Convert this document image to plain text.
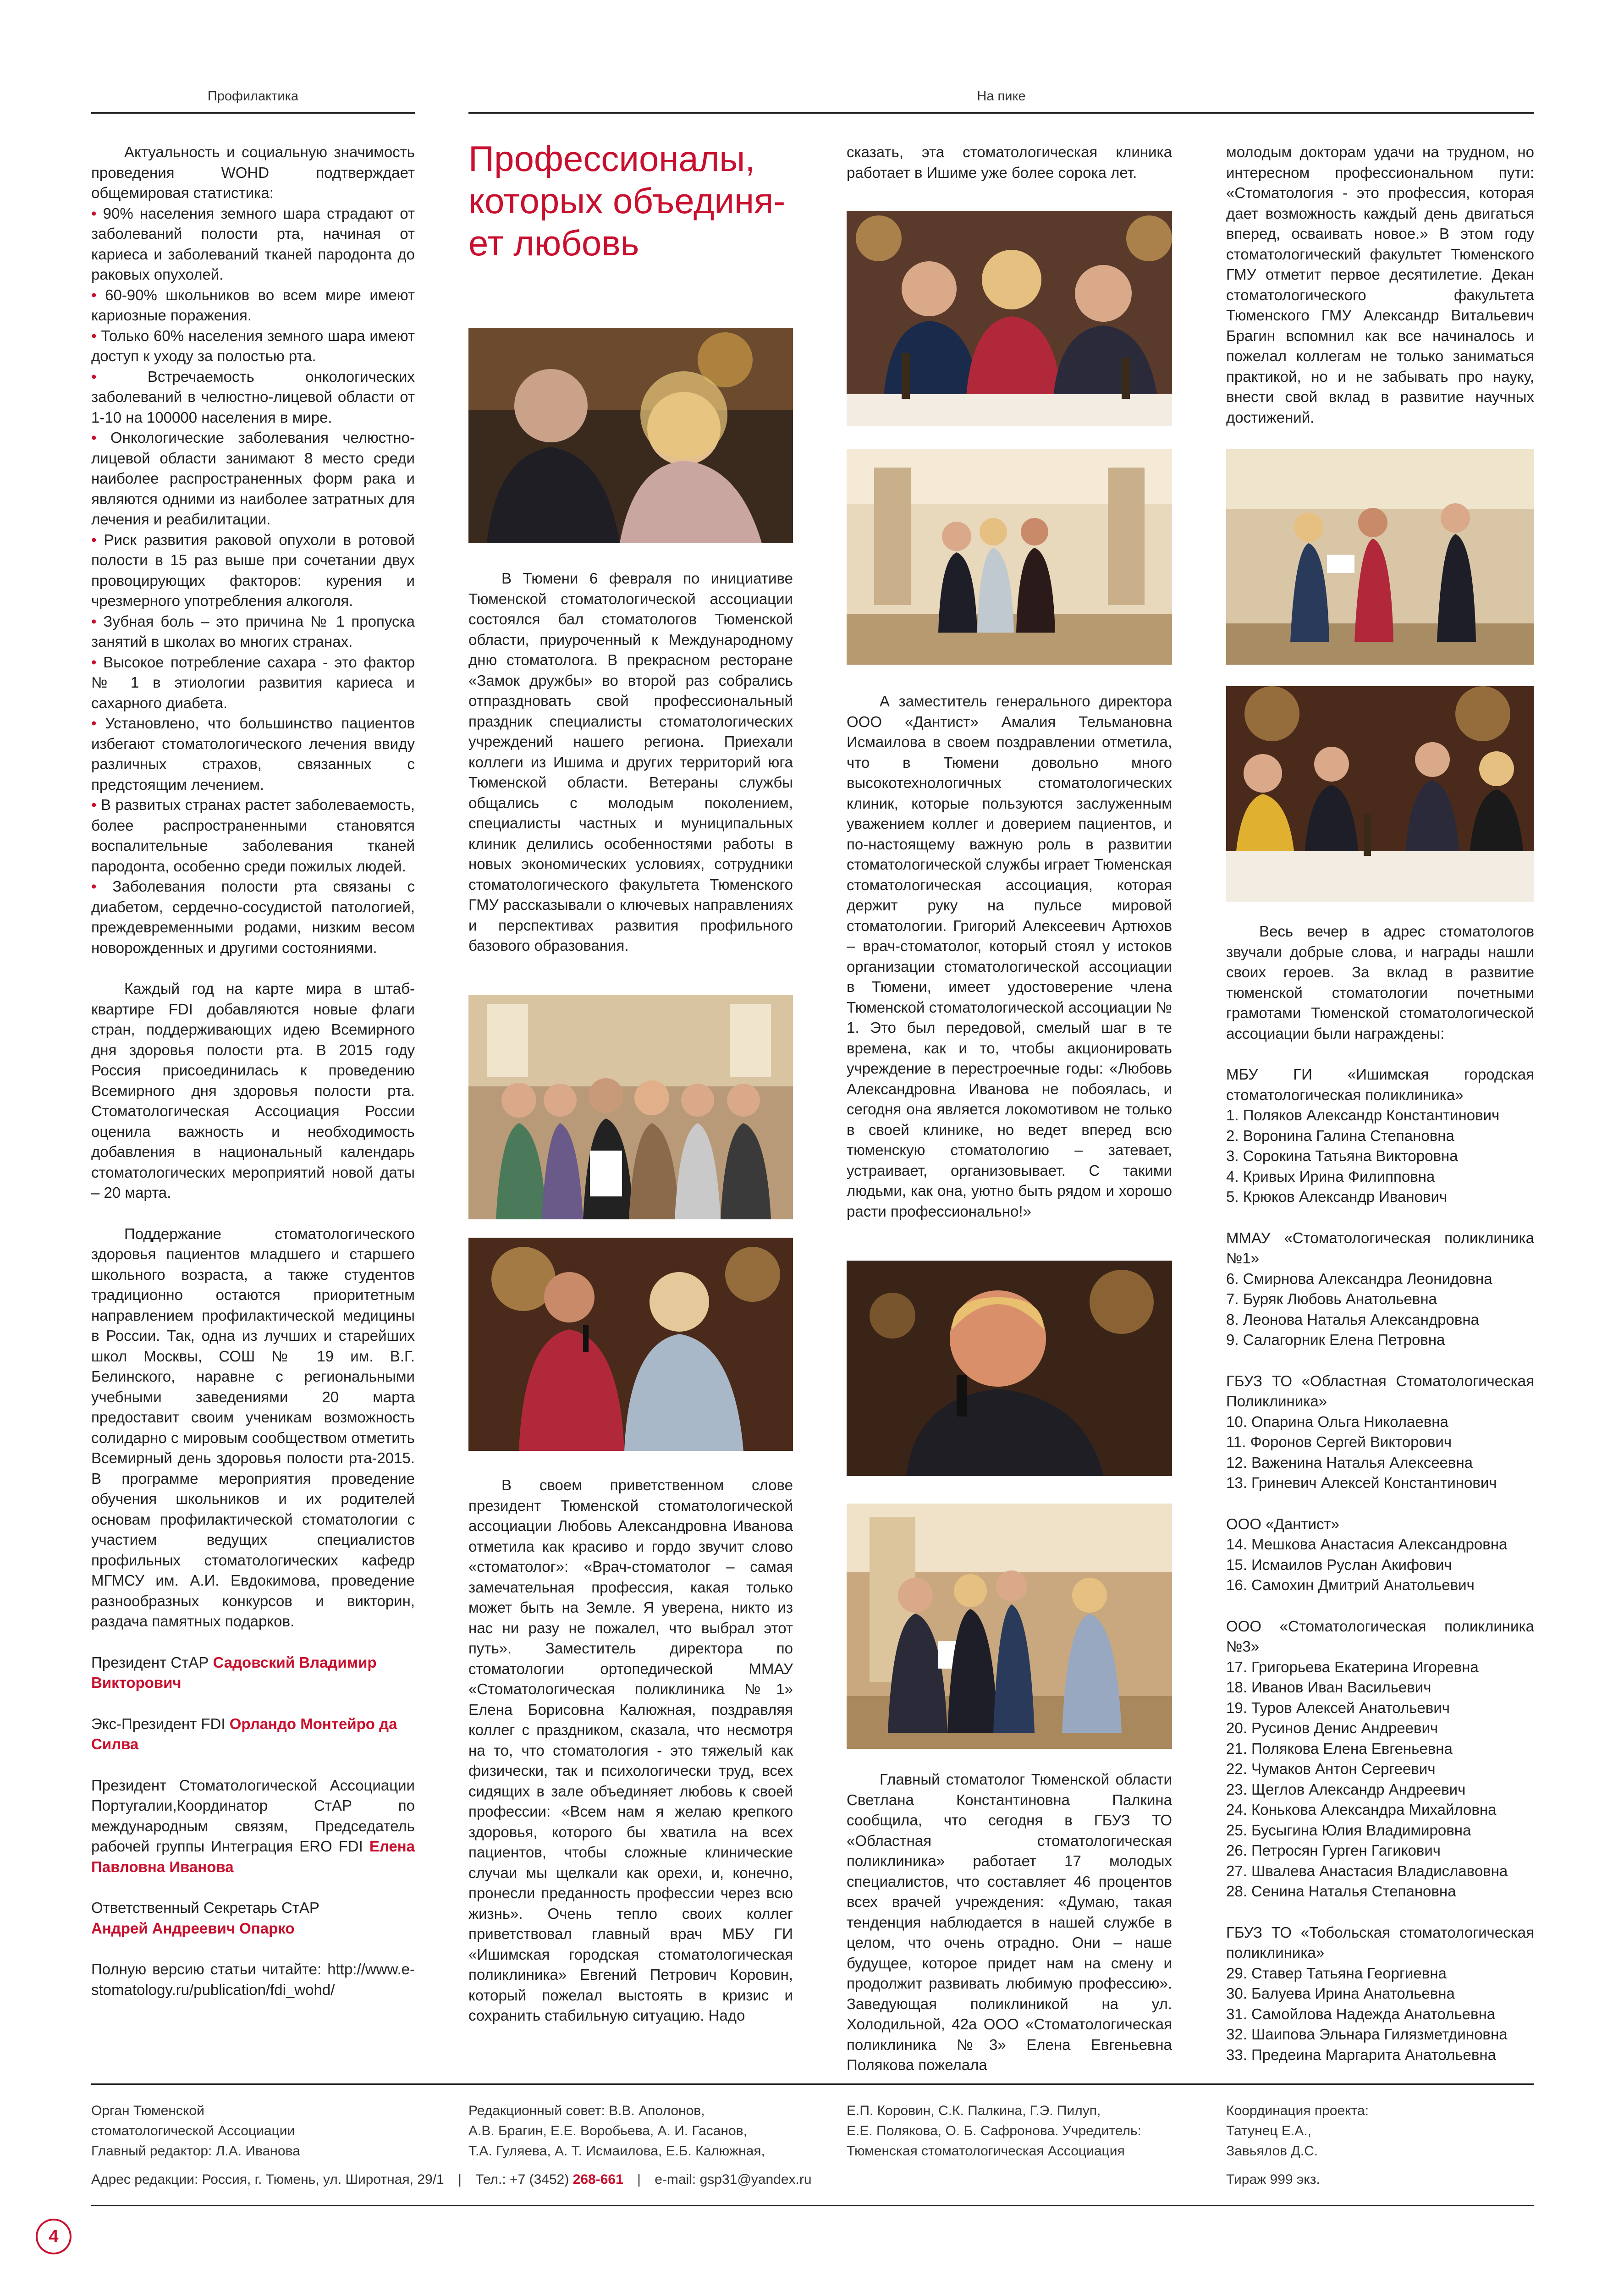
Профилактика	На пике

Актуальность и социальную значимость проведения WOHD подтверждает общемировая статистика:

• 90% населения земного шара страдают от заболеваний полости рта, начиная от кариеса и заболеваний тканей пародонта до раковых опухолей.

• 60-90% школьников во всем мире имеют кариозные поражения.

• Только 60% населения земного шара имеют доступ к уходу за полостью рта.

• Встречаемость онкологических заболеваний в челюстно-лицевой области от 1-10 на 100000 населения в мире.

• Онкологические заболевания челюстно-лицевой области занимают 8 место среди наиболее распространенных форм рака и являются одними из наиболее затратных для лечения и реабилитации.

• Риск развития раковой опухоли в ротовой полости в 15 раз выше при сочетании двух провоцирующих факторов: курения и чрезмерного употребления алкоголя.

• Зубная боль – это причина № 1 пропуска занятий в школах во многих странах.

• Высокое потребление сахара - это фактор № 1 в этиологии развития кариеса и сахарного диабета.

• Установлено, что большинство пациентов избегают стоматологического лечения ввиду различных страхов, связанных с предстоящим лечением.

• В развитых странах растет заболеваемость, более распространенными становятся воспалительные заболевания тканей пародонта, особенно среди пожилых людей.

• Заболевания полости рта связаны с диабетом, сердечно-сосудистой патологией, преждевременными родами, низким весом новорожденных и другими состояниями.

Каждый год на карте мира в штаб-квартире FDI добавляются новые флаги стран, поддерживающих идею Всемирного дня здоровья полости рта. В 2015 году Россия присоединилась к проведению Всемирного дня здоровья полости рта. Стоматологическая Ассоциация России оценила важность и необходимость добавления в национальный календарь стоматологических мероприятий новой даты – 20 марта.

Поддержание стоматологического здоровья пациентов младшего и старшего школьного возраста, а также студентов традиционно остаются приоритетным направлением профилактической медицины в России. Так, одна из лучших и старейших школ Москвы, СОШ № 19 им. В.Г. Белинского, наравне с региональными учебными заведениями 20 марта предоставит своим ученикам возможность солидарно с мировым сообществом отметить Всемирный день здоровья полости рта-2015. В программе мероприятия проведение обучения школьников и их родителей основам профилактической стоматологии с участием ведущих специалистов профильных стоматологических кафедр МГМСУ им. А.И. Евдокимова, проведение разнообразных конкурсов и викторин, раздача памятных подарков.

Президент СтАР Садовский Владимир Викторович

Экс-Президент FDI Орландо Монтейро да Силва

Президент Стоматологической Ассоциации Португалии,Координатор СтАР по международным связям, Председатель рабочей группы Интеграция ERO FDI Елена Павловна Иванова

Ответственный Секретарь СтАР
Андрей Андреевич Опарко

Полную версию статьи читайте: http://www.e-stomatology.ru/publication/fdi_wohd/

Профессионалы,
которых объединя-
ет любовь

В Тюмени 6 февраля по инициативе Тюменской стоматологической ассоциации состоялся бал стоматологов Тюменской области, приуроченный к Международному дню стоматолога. В прекрасном ресторане «Замок дружбы» во второй раз собрались отпраздновать свой профессиональный праздник специалисты стоматологических учреждений нашего региона. Приехали коллеги из Ишима и других территорий юга Тюменской области. Ветераны службы общались с молодым поколением, специалисты частных и муниципальных клиник делились особенностями работы в новых экономических условиях, сотрудники стоматологического факультета Тюменского ГМУ рассказывали о ключевых направлениях и перспективах развития профильного базового образования.

В своем приветственном слове президент Тюменской стоматологической ассоциации Любовь Александровна Иванова отметила как красиво и гордо звучит слово «стоматолог»: «Врач-стоматолог – самая замечательная профессия, какая только может быть на Земле. Я уверена, никто из нас ни разу не пожалел, что выбрал этот путь». Заместитель директора по стоматологии ортопедической ММАУ «Стоматологическая поликлиника №1» Елена Борисовна Калюжная, поздравляя коллег с праздником, сказала, что несмотря на то, что стоматология - это тяжелый как физически, так и психологически труд, всех сидящих в зале объединяет любовь к своей профессии: «Всем нам я желаю крепкого здоровья, которого бы хватила на всех пациентов, чтобы сложные клинические случаи мы щелкали как орехи, и, конечно, пронесли преданность профессии через всю жизнь». Очень тепло своих коллег приветствовал главный врач МБУ ГИ «Ишимская городская стоматологическая поликлиника» Евгений Петрович Коровин, который пожелал выстоять в кризис и сохранить стабильную ситуацию. Надо

сказать, эта стоматологическая клиника работает в Ишиме уже более сорока лет.

А заместитель генерального директора ООО «Дантист» Амалия Тельмановна Исмаилова в своем поздравлении отметила, что в Тюмени довольно много высокотехнологичных стоматологических клиник, которые пользуются заслуженным уважением коллег и доверием пациентов, и по-настоящему важную роль в развитии стоматологической службы играет Тюменская стоматологическая ассоциация, которая держит руку на пульсе мировой стоматологии. Григорий Алексеевич Артюхов – врач-стоматолог, который стоял у истоков организации стоматологической ассоциации в Тюмени, имеет удостоверение члена Тюменской стоматологической ассоциации № 1. Это был передовой, смелый шаг в те времена, как и то, чтобы акционировать учреждение в перестроечные годы: «Любовь Александровна Иванова не побоялась, и сегодня она является локомотивом не только в своей клинике, но ведет вперед всю тюменскую стоматологию – затевает, устраивает, организовывает. С такими людьми, как она, уютно быть рядом и хорошо расти профессионально!»

Главный стоматолог Тюменской области Светлана Константиновна Палкина сообщила, что сегодня в ГБУЗ ТО «Областная стоматологическая поликлиника» работает 17 молодых специалистов, что составляет 46 процентов всех врачей учреждения: «Думаю, такая тенденция наблюдается в нашей службе в целом, что очень отрадно. Они – наше будущее, которое придет нам на смену и продолжит развивать любимую профессию». Заведующая поликлиникой на ул. Холодильной, 42а ООО «Стоматологическая поликлиника №3» Елена Евгеньевна Полякова пожелала

молодым докторам удачи на трудном, но интересном профессиональном пути: «Стоматология - это профессия, которая дает возможность каждый день двигаться вперед, осваивать новое.» В этом году стоматологический факультет Тюменского ГМУ отметит первое десятилетие. Декан стоматологического факультета Тюменского ГМУ Александр Витальевич Брагин вспомнил как все начиналось и пожелал коллегам не только заниматься практикой, но и не забывать про науку, внести свой вклад в развитие научных достижений.

Весь вечер в адрес стоматологов звучали добрые слова, и награды нашли своих героев. За вклад в развитие тюменской стоматологии почетными грамотами Тюменской стоматологической ассоциации были награждены:

МБУ ГИ «Ишимская городская стоматологическая поликлиника»

1. Поляков Александр Константинович

2. Воронина Галина Степановна

3. Сорокина Татьяна Викторовна

4. Кривых Ирина Филипповна

5. Крюков Александр Иванович

ММАУ «Стоматологическая поликлиника №1»

6. Смирнова Александра Леонидовна

7. Буряк Любовь Анатольевна

8. Леонова Наталья Александровна

9. Салагорник Елена Петровна

ГБУЗ ТО «Областная Стоматологическая Поликлиника»

10. Опарина Ольга Николаевна

11. Форонов Сергей Викторович

12. Важенина Наталья Алексеевна

13. Гриневич Алексей Константинович

ООО «Дантист»

14. Мешкова Анастасия Александровна

15. Исмаилов Руслан Акифович

16. Самохин Дмитрий Анатольевич

ООО «Стоматологическая поликлиника №3»

17. Григорьева Екатерина Игоревна

18. Иванов Иван Васильевич

19. Туров Алексей Анатольевич

20. Русинов Денис Андреевич

21. Полякова Елена Евгеньевна

22. Чумаков Антон Сергеевич

23. Щеглов Александр Андреевич

24. Конькова Александра Михайловна

25. Бусыгина Юлия Владимировна

26. Петросян Гурген Гагикович

27. Швалева Анастасия Владиславовна

28. Сенина Наталья Степановна

ГБУЗ ТО «Тобольская стоматологическая поликлиника»

29. Ставер Татьяна Георгиевна

30. Балуева Ирина Анатольевна

31. Самойлова Надежда Анатольевна

32. Шаипова Эльнара Гилязметдиновна

33. Предеина Маргарита Анатольевна

Орган Тюменской
стоматологической Ассоциации
Главный редактор: Л.А. Иванова
Редакционный совет: В.В. Аполонов,
А.В. Брагин, Е.Е. Воробьева, А. И. Гасанов,
Т.А. Гуляева, А. Т. Исмаилова, Е.Б. Калюжная,
Е.П. Коровин, С.К. Палкина, Г.Э. Пилуп,
Е.Е. Полякова, О. Б. Сафронова. Учредитель:
Тюменская стоматологическая Ассоциация
Координация проекта:
Татунец Е.А.,
Завьялов Д.С.
Адрес редакции: Россия, г. Тюмень, ул. Широтная, 29/1 | Тел.: +7 (3452) 268-661 | e-mail: gsp31@yandex.ru	Тираж 999 экз.
4
